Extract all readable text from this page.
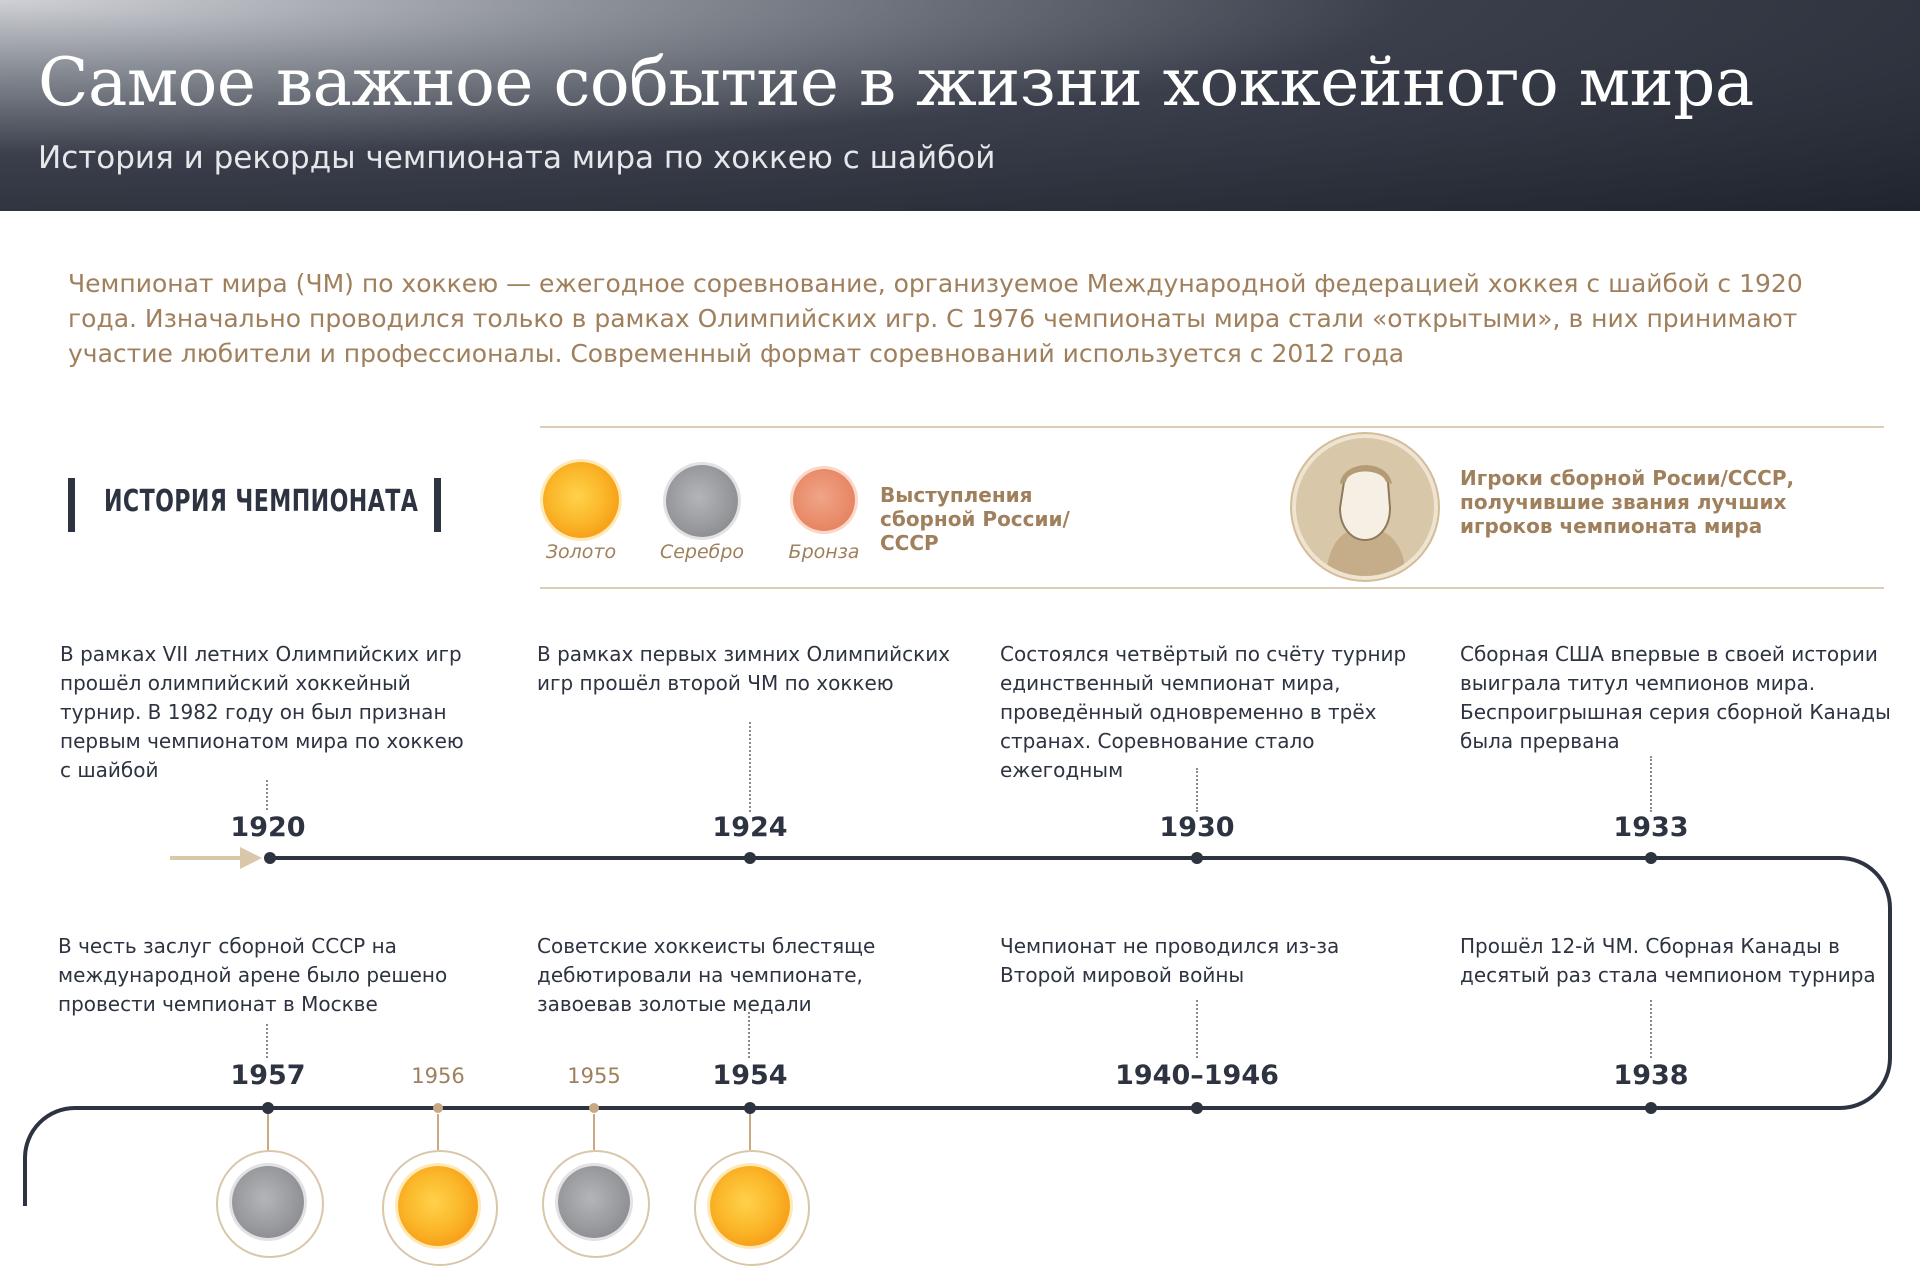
Самое важное событие в жизни хоккейного мира
История и рекорды чемпионата мира по хоккею с шайбой
Чемпионат мира (ЧМ) по хоккею — ежегодное соревнование, организуемое Международной федерацией хоккея с шайбой с 1920 года. Изначально проводился только в рамках Олимпийских игр. С 1976 чемпионаты мира стали «открытыми», в них принимают участие любители и профессионалы. Современный формат соревнований используется с 2012 года
ИСТОРИЯ ЧЕМПИОНАТА
Золото	Серебро	Бронза
Выступления сборной России/СССР
Игроки сборной Росии/СССР, получившие звания лучших игроков чемпионата мира
В рамках VII летних Олимпийских игр прошёл олимпийский хоккейный турнир. В 1982 году он был признан первым чемпионатом мира по хоккею с шайбой
1920
В рамках первых зимних Олимпийских игр прошёл второй ЧМ по хоккею
1924
Состоялся четвёртый по счёту турнир единственный чемпионат мира, проведённый одновременно в трёх странах. Соревнование стало ежегодным
1930
Сборная США впервые в своей истории выиграла титул чемпионов мира. Беспроигрышная серия сборной Канады была прервана
1933
В честь заслуг сборной СССР на международной арене было решено провести чемпионат в Москве
1957	1956	1955
Советские хоккеисты блестяще дебютировали на чемпионате, завоевав золотые медали
1954
Чемпионат не проводился из-за Второй мировой войны
1940–1946
Прошёл 12-й ЧМ. Сборная Канады в десятый раз стала чемпионом турнира
1938
